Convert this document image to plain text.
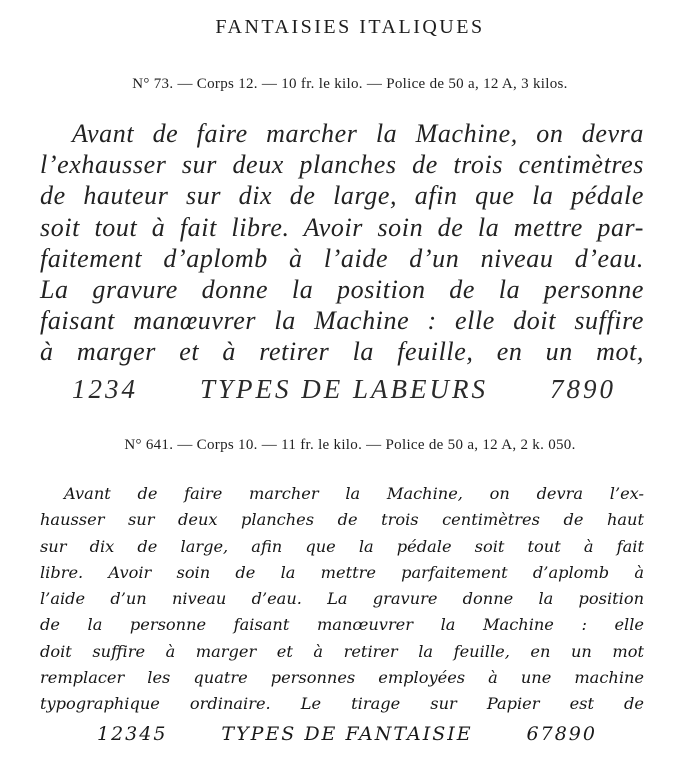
FANTAISIES ITALIQUES
N° 73. — Corps 12. — 10 fr. le kilo. — Police de 50 a, 12 A, 3 kilos.
Avant de faire marcher la Machine, on devra
l’exhausser sur deux planches de trois centimètres
de hauteur sur dix de large, afin que la pédale
soit tout à fait libre. Avoir soin de la mettre par-
faitement d’aplomb à l’aide d’un niveau d’eau.
La gravure donne la position de la personne
faisant manœuvrer la Machine : elle doit suffire
à marger et à retirer la feuille, en un mot,
1234 TYPES DE LABEURS 7890
N° 641. — Corps 10. — 11 fr. le kilo. — Police de 50 a, 12 A, 2 k. 050.
Avant de faire marcher la Machine, on devra l’ex-
hausser sur deux planches de trois centimètres de haut
sur dix de large, afin que la pédale soit tout à fait
libre. Avoir soin de la mettre parfaitement d’aplomb à
l’aide d’un niveau d’eau. La gravure donne la position
de la personne faisant manœuvrer la Machine : elle
doit suffire à marger et à retirer la feuille, en un mot
remplacer les quatre personnes employées à une machine
typographique ordinaire. Le tirage sur Papier est de
12345	TYPES DE FANTAISIE	67890
